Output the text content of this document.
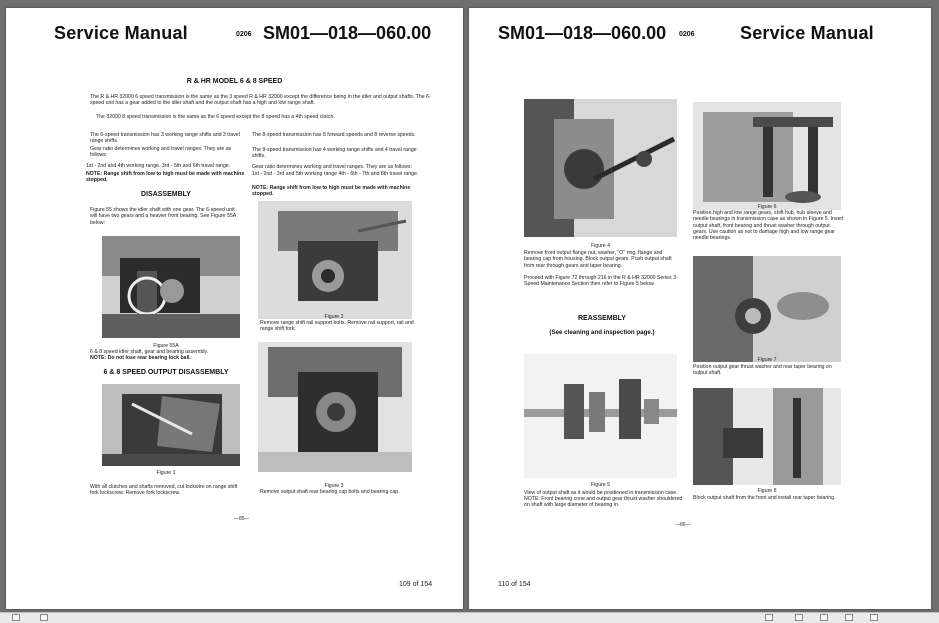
Service Manual	0206 SM01—018—060.00
R & HR MODEL 6 & 8 SPEED
The R & HR 32000 6 speed transmission is the same as the 3 speed R & HR 32000 except the difference being in the idler and output shafts. The 6-speed unit has a gear added to the idler shaft and the output shaft has a high and low range shaft.
The 32000 8 speed transmission is the same as the 6 speed except the 8 speed has a 4th speed clutch.
The 6-speed transmission has 3 working range shifts and 3 travel range shifts.
Gear ratio determines working and travel ranges. They are as follows:
1st - 2nd and 4th working range. 3rd - 5th and 6th travel range.
NOTE: Range shift from low to high must be made with machine stopped.
The 8-speed transmission has 8 forward speeds and 8 reverse speeds.
The 8-speed transmission has 4 working range shifts and 4 travel range shifts.
Gear ratio determines working and travel ranges. They are as follows:
1st - 2nd - 3rd and 5th working range 4th - 6th - 7th and 8th travel range.
NOTE: Range shift from low to high must be made with machine stopped.
DISASSEMBLY
Figure 55 shows the idler shaft with one gear. The 6-speed unit will have two gears and a heavier front bearing. See Figure 55A below:
Figure 55A
6 & 8 speed idler shaft, gear and bearing assembly.
NOTE: Do not lose rear bearing lock ball.
6 & 8 SPEED OUTPUT DISASSEMBLY
Figure 1
With all clutches and shafts removed, cut lockwire on range shift fork lockscrew. Remove fork lockscrew.
Figure 2
Remove range shift rail support bolts. Remove rail support, rail and range shift fork.
Figure 3
Remove output shaft rear bearing cap bolts and bearing cap.
—85—
109 of 154
SM01—018—060.00 0206	Service Manual
Figure 4
Remove front output flange nut, washer, "O" ring, flange and bearing cap from housing. Block output gears. Push output shaft from rear through gears and taper bearing.
Proceed with Figure 72 through 216 in the R & HR 32000 Series 3-Speed Maintenance Section then refer to Figure 5 below.
REASSEMBLY
(See cleaning and inspection page.)
Figure 5
View of output shaft as it would be positioned in transmission case.
NOTE: Front bearing cone and output gear thrust washer shouldered on shaft with large diameter of bearing in.
Figure 6
Position high and low range gears, shift hub, hub sleeve and needle bearings in transmission case as shown in Figure 5. Insert output shaft, front bearing and thrust washer through output gears. Use caution as not to damage high and low range gear needle bearings.
Figure 7
Position output gear thrust washer and rear taper bearing on output shaft.
Figure 8
Block output shaft from the front and install rear taper bearing.
—86—
110 of 154
